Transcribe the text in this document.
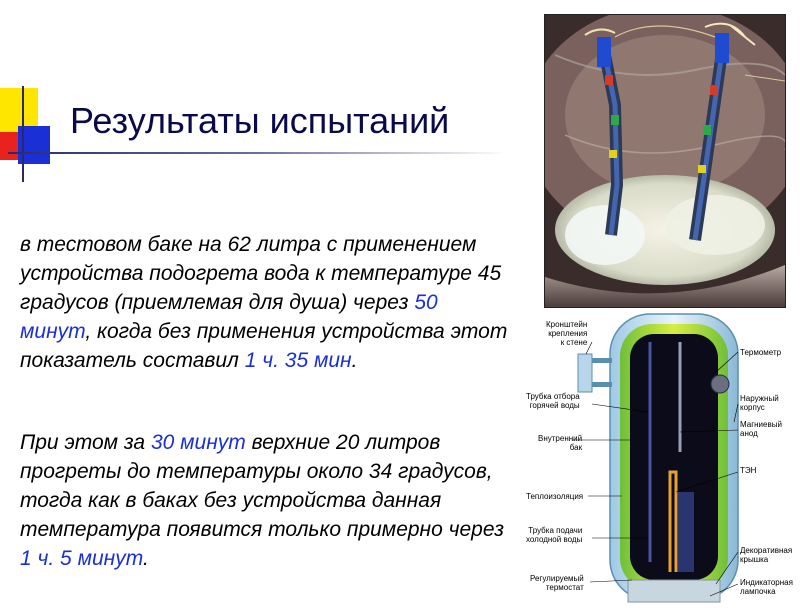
Результаты испытаний
в тестовом баке на 62 литра с применением устройства подогрета вода к температуре 45 градусов (приемлемая для душа) через 50 минут, когда без применения устройства этот показатель составил 1 ч. 35 мин.
При этом за 30 минут верхние 20 литров прогреты до температуры около 34 градусов, тогда как в баках без устройства данная температура появится только примерно через 1 ч. 5 минут.
Кронштейн
крепления
к стене
Трубка отбора
горячей воды
Внутренний
бак
Теплоизоляция
Трубка подачи
холодной воды
Регулируемый
термостат
Термометр
Наружный
корпус
Магниевый
анод
ТЭН
Декоративная
крышка
Индикаторная
лампочка
